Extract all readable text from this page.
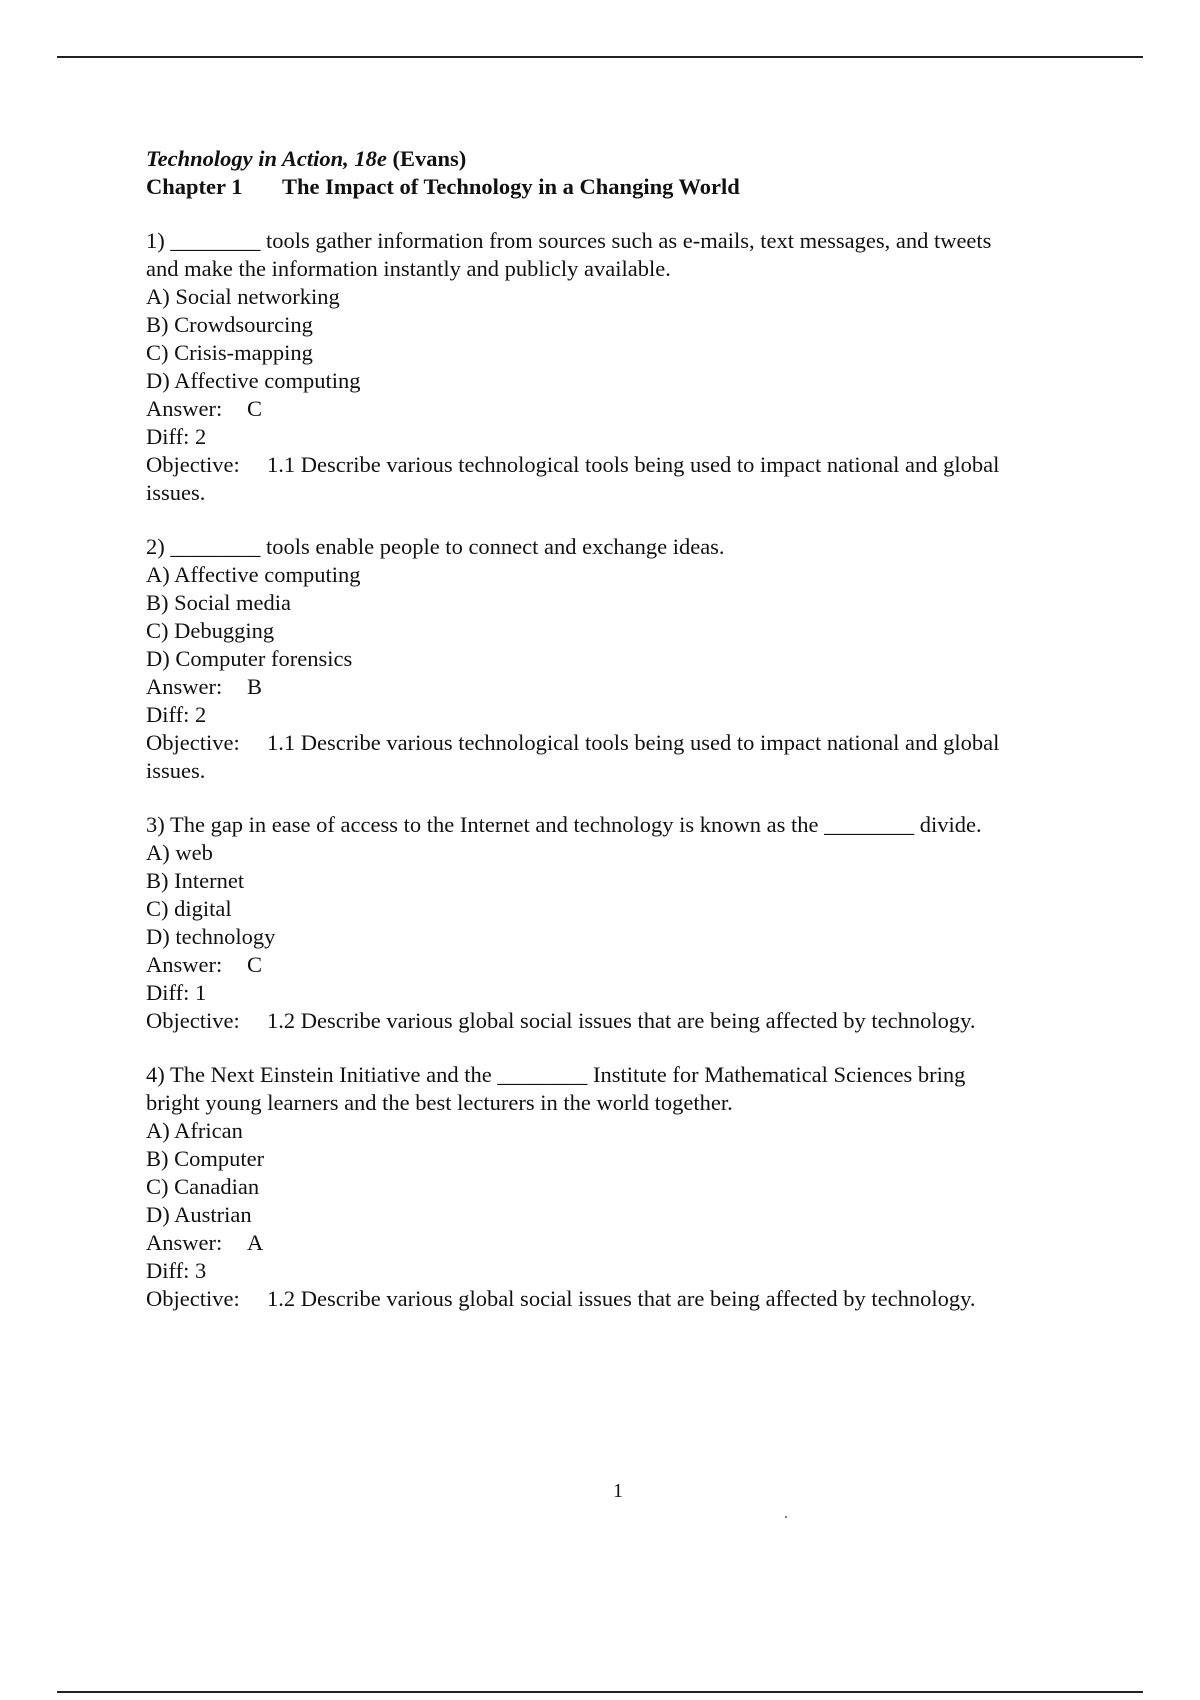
Technology in Action, 18e (Evans)

Chapter 1 The Impact of Technology in a Changing World

1) ________ tools gather information from sources such as e-mails, text messages, and tweets

and make the information instantly and publicly available.

A) Social networking

B) Crowdsourcing

C) Crisis-mapping

D) Affective computing

Answer: C

Diff: 2

Objective: 1.1 Describe various technological tools being used to impact national and global

issues.

2) ________ tools enable people to connect and exchange ideas.

A) Affective computing

B) Social media

C) Debugging

D) Computer forensics

Answer: B

Diff: 2

Objective: 1.1 Describe various technological tools being used to impact national and global

issues.

3) The gap in ease of access to the Internet and technology is known as the ________ divide.

A) web

B) Internet

C) digital

D) technology

Answer: C

Diff: 1

Objective: 1.2 Describe various global social issues that are being affected by technology.

4) The Next Einstein Initiative and the ________ Institute for Mathematical Sciences bring

bright young learners and the best lecturers in the world together.

A) African

B) Computer

C) Canadian

D) Austrian

Answer: A

Diff: 3

Objective: 1.2 Describe various global social issues that are being affected by technology.

1
